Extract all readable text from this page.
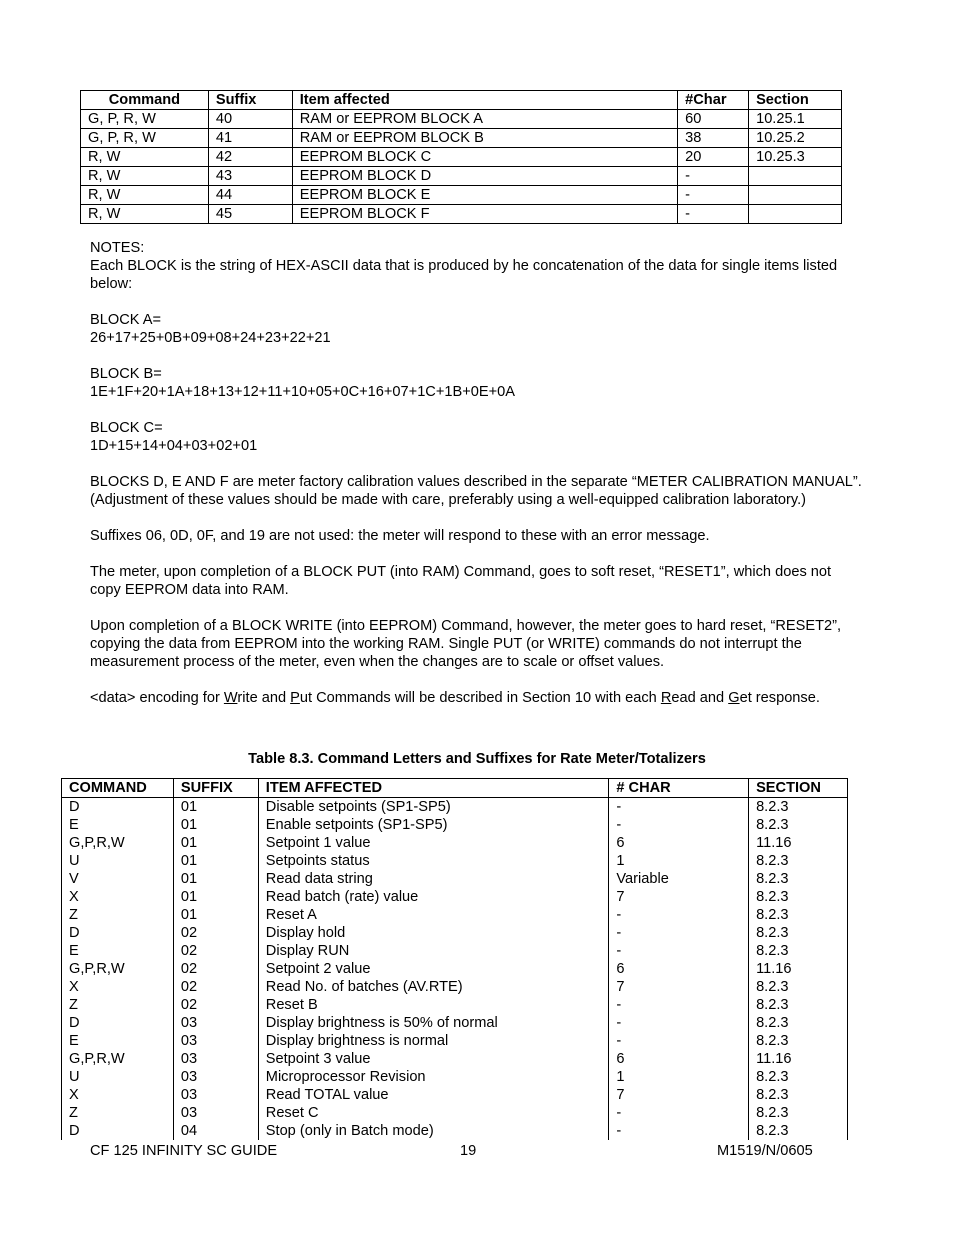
Command	Suffix	Item affected	#Char	Section
G, P, R, W	40	RAM or EEPROM BLOCK A	60	10.25.1
G, P, R, W	41	RAM or EEPROM BLOCK B	38	10.25.2
R, W	42	EEPROM BLOCK C	20	10.25.3
R, W	43	EEPROM BLOCK D	-	
R, W	44	EEPROM BLOCK E	-	
R, W	45	EEPROM BLOCK F	-	

NOTES:
Each BLOCK is the string of HEX-ASCII data that is produced by he concatenation of the data for single items listed below:

BLOCK A=
26+17+25+0B+09+08+24+23+22+21

BLOCK B=
1E+1F+20+1A+18+13+12+11+10+05+0C+16+07+1C+1B+0E+0A

BLOCK C=
1D+15+14+04+03+02+01

BLOCKS D, E AND F are meter factory calibration values described in the separate “METER CALIBRATION MANUAL”. (Adjustment of these values should be made with care, preferably using a well-equipped calibration laboratory.)

Suffixes 06, 0D, 0F, and 19 are not used: the meter will respond to these with an error message.

The meter, upon completion of a BLOCK PUT (into RAM) Command, goes to soft reset, “RESET1”, which does not copy EEPROM data into RAM.

Upon completion of a BLOCK WRITE (into EEPROM) Command, however, the meter goes to hard reset, “RESET2”, copying the data from EEPROM into the working RAM. Single PUT (or WRITE) commands do not interrupt the measurement process of the meter, even when the changes are to scale or offset values.

<data> encoding for Write and Put Commands will be described in Section 10 with each Read and Get response.

Table 8.3. Command Letters and Suffixes for Rate Meter/Totalizers
COMMAND	SUFFIX	ITEM AFFECTED	# CHAR	SECTION
D	01	Disable setpoints (SP1-SP5)	-	8.2.3
E	01	Enable setpoints (SP1-SP5)	-	8.2.3
G,P,R,W	01	Setpoint 1 value	6	11.16
U	01	Setpoints status	1	8.2.3
V	01	Read data string	Variable	8.2.3
X	01	Read batch (rate) value	7	8.2.3
Z	01	Reset A	-	8.2.3
D	02	Display hold	-	8.2.3
E	02	Display RUN	-	8.2.3
G,P,R,W	02	Setpoint 2 value	6	11.16
X	02	Read No. of batches (AV.RTE)	7	8.2.3
Z	02	Reset B	-	8.2.3
D	03	Display brightness is 50% of normal	-	8.2.3
E	03	Display brightness is normal	-	8.2.3
G,P,R,W	03	Setpoint 3 value	6	11.16
U	03	Microprocessor Revision	1	8.2.3
X	03	Read TOTAL value	7	8.2.3
Z	03	Reset C	-	8.2.3
D	04	Stop (only in Batch mode)	-	8.2.3
CF 125 INFINITY SC GUIDE	19	M1519/N/0605
